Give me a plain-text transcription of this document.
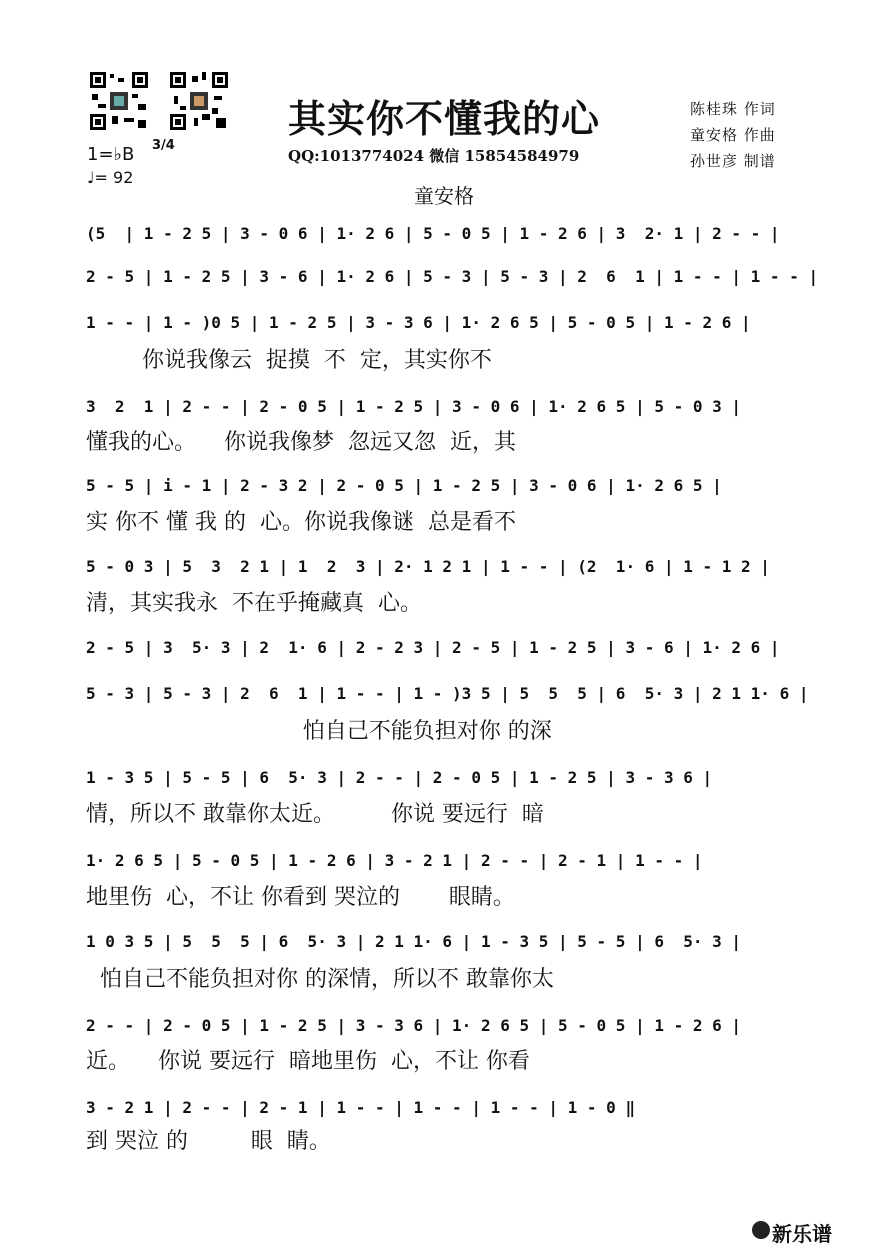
其实你不懂我的心	陈桂珠 作词
童安格 作曲
孙世彦 制谱
1=♭B
♩= 92
3/4
QQ:1013774024 微信 15854584979
童安格
(5  | 1 - 2 5 | 3 - 0 6 | 1· 2 6 | 5 - 0 5 | 1 - 2 6 | 3  2· 1 | 2 - - |
2 - 5 | 1 - 2 5 | 3 - 6 | 1· 2 6 | 5 - 3 | 5 - 3 | 2  6  1 | 1 - - | 1 - - |
1 - - | 1 - )0 5 | 1 - 2 5 | 3 - 3 6 | 1· 2 6 5 | 5 - 0 5 | 1 - 2 6 |
你说我像云  捉摸  不  定，其实你不
3  2  1 | 2 - - | 2 - 0 5 | 1 - 2 5 | 3 - 0 6 | 1· 2 6 5 | 5 - 0 3 |
懂我的心。    你说我像梦  忽远又忽  近，其
5 - 5 | i - 1 | 2 - 3 2 | 2 - 0 5 | 1 - 2 5 | 3 - 0 6 | 1· 2 6 5 |
实 你不 懂 我 的  心。你说我像谜  总是看不
5 - 0 3 | 5  3  2 1 | 1  2  3 | 2· 1 2 1 | 1 - - | (2  1· 6 | 1 - 1 2 |
清，其实我永  不在乎掩藏真  心。
2 - 5 | 3  5· 3 | 2  1· 6 | 2 - 2 3 | 2 - 5 | 1 - 2 5 | 3 - 6 | 1· 2 6 |
5 - 3 | 5 - 3 | 2  6  1 | 1 - - | 1 - )3 5 | 5  5  5 | 6  5· 3 | 2 1 1· 6 |
怕自己不能负担对你 的深
1 - 3 5 | 5 - 5 | 6  5· 3 | 2 - - | 2 - 0 5 | 1 - 2 5 | 3 - 3 6 |
情，所以不 敢靠你太近。        你说 要远行  暗
1· 2 6 5 | 5 - 0 5 | 1 - 2 6 | 3 - 2 1 | 2 - - | 2 - 1 | 1 - - |
地里伤  心，不让 你看到 哭泣的       眼睛。
1 0 3 5 | 5  5  5 | 6  5· 3 | 2 1 1· 6 | 1 - 3 5 | 5 - 5 | 6  5· 3 |
怕自己不能负担对你 的深情，所以不 敢靠你太
2 - - | 2 - 0 5 | 1 - 2 5 | 3 - 3 6 | 1· 2 6 5 | 5 - 0 5 | 1 - 2 6 |
近。    你说 要远行  暗地里伤  心，不让 你看
3 - 2 1 | 2 - - | 2 - 1 | 1 - - | 1 - - | 1 - - | 1 - 0 ‖
到 哭泣 的         眼  睛。
新乐谱
